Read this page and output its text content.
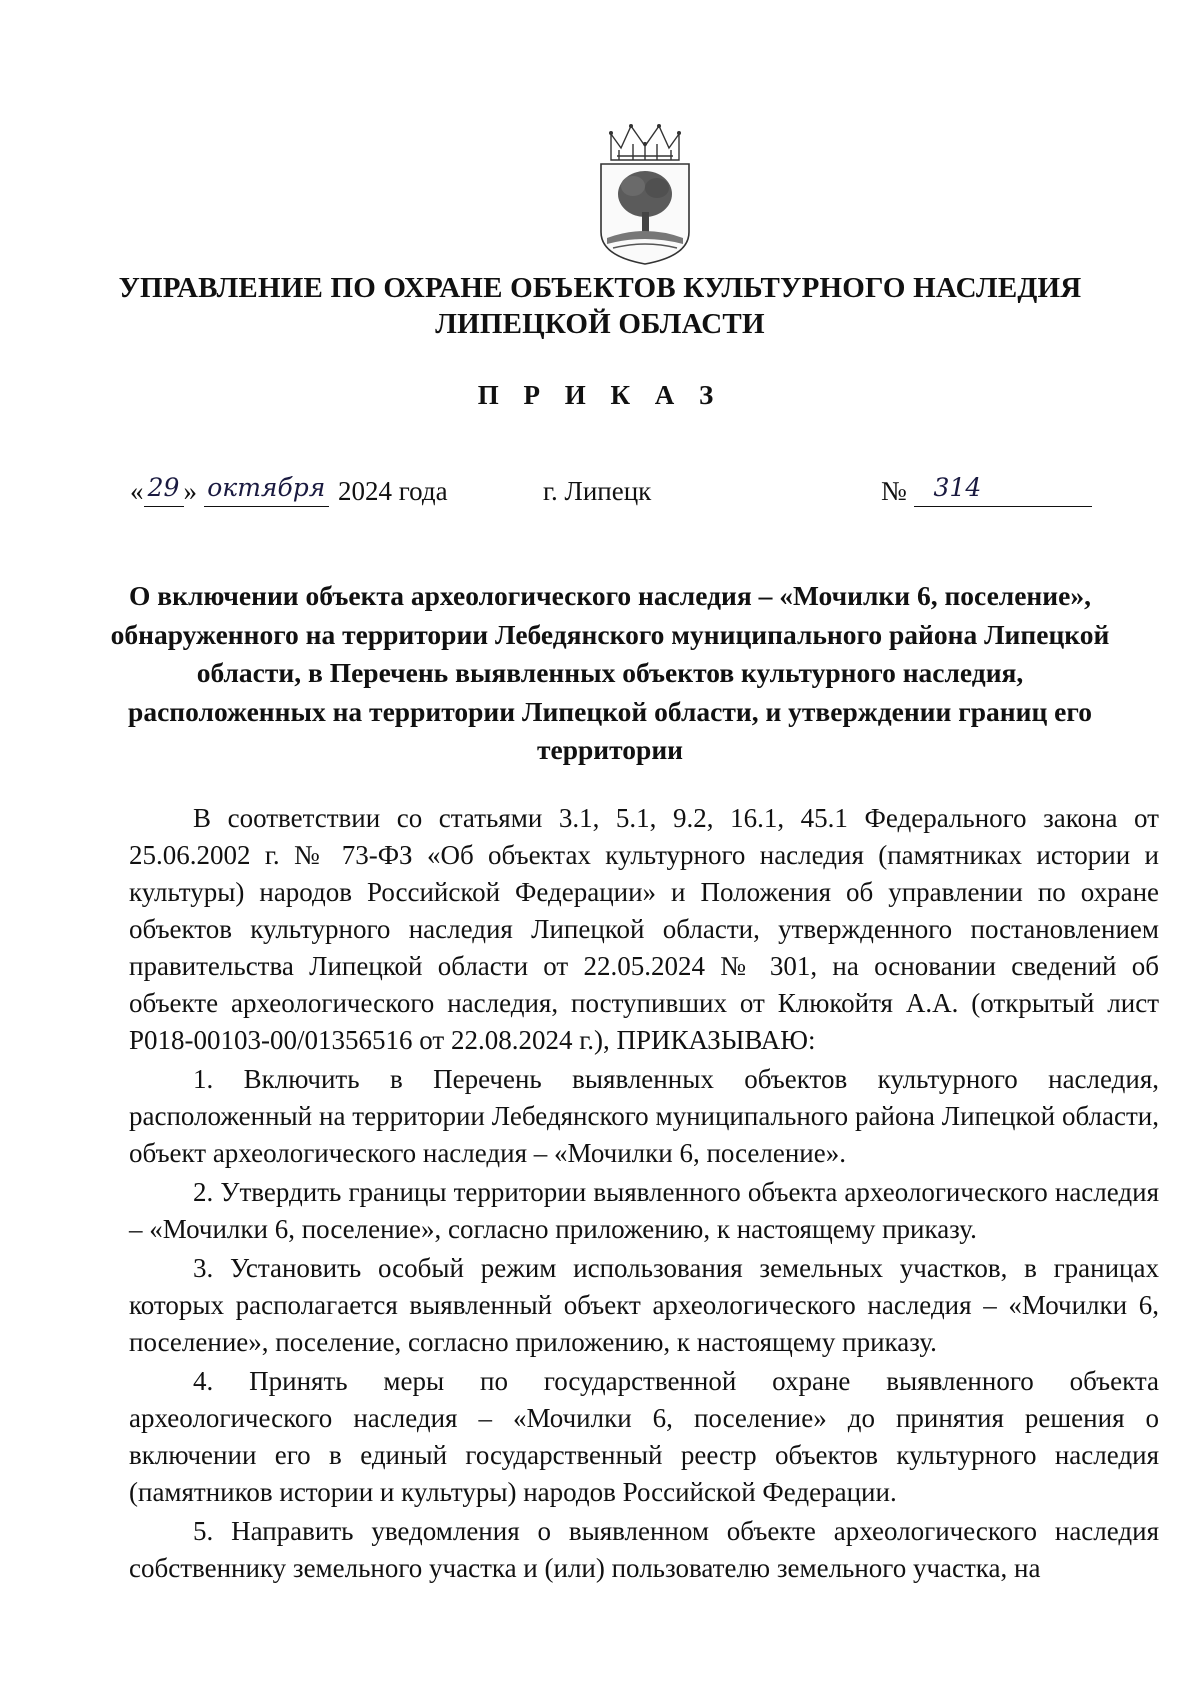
УПРАВЛЕНИЕ ПО ОХРАНЕ ОБЪЕКТОВ КУЛЬТУРНОГО НАСЛЕДИЯ
ЛИПЕЦКОЙ ОБЛАСТИ
П Р И К А З
« 29 » октября 2024 года	г. Липецк	№ 314
О включении объекта археологического наследия – «Мочилки 6, поселение», обнаруженного на территории Лебедянского муниципального района Липецкой области, в Перечень выявленных объектов культурного наследия, расположенных на территории Липецкой области, и утверждении границ его территории

В соответствии со статьями 3.1, 5.1, 9.2, 16.1, 45.1 Федерального закона от 25.06.2002 г. № 73-ФЗ «Об объектах культурного наследия (памятниках истории и культуры) народов Российской Федерации» и Положения об управлении по охране объектов культурного наследия Липецкой области, утвержденного постановлением правительства Липецкой области от 22.05.2024 № 301, на основании сведений об объекте археологического наследия, поступивших от Клюкойтя А.А. (открытый лист Р018-00103-00/01356516 от 22.08.2024 г.), ПРИКАЗЫВАЮ:

1. Включить в Перечень выявленных объектов культурного наследия, расположенный на территории Лебедянского муниципального района Липецкой области, объект археологического наследия – «Мочилки 6, поселение».

2. Утвердить границы территории выявленного объекта археологического наследия – «Мочилки 6, поселение», согласно приложению, к настоящему приказу.

3. Установить особый режим использования земельных участков, в границах которых располагается выявленный объект археологического наследия – «Мочилки 6, поселение», поселение, согласно приложению, к настоящему приказу.

4. Принять меры по государственной охране выявленного объекта археологического наследия – «Мочилки 6, поселение» до принятия решения о включении его в единый государственный реестр объектов культурного наследия (памятников истории и культуры) народов Российской Федерации.

5. Направить уведомления о выявленном объекте археологического наследия собственнику земельного участка и (или) пользователю земельного участка, на
